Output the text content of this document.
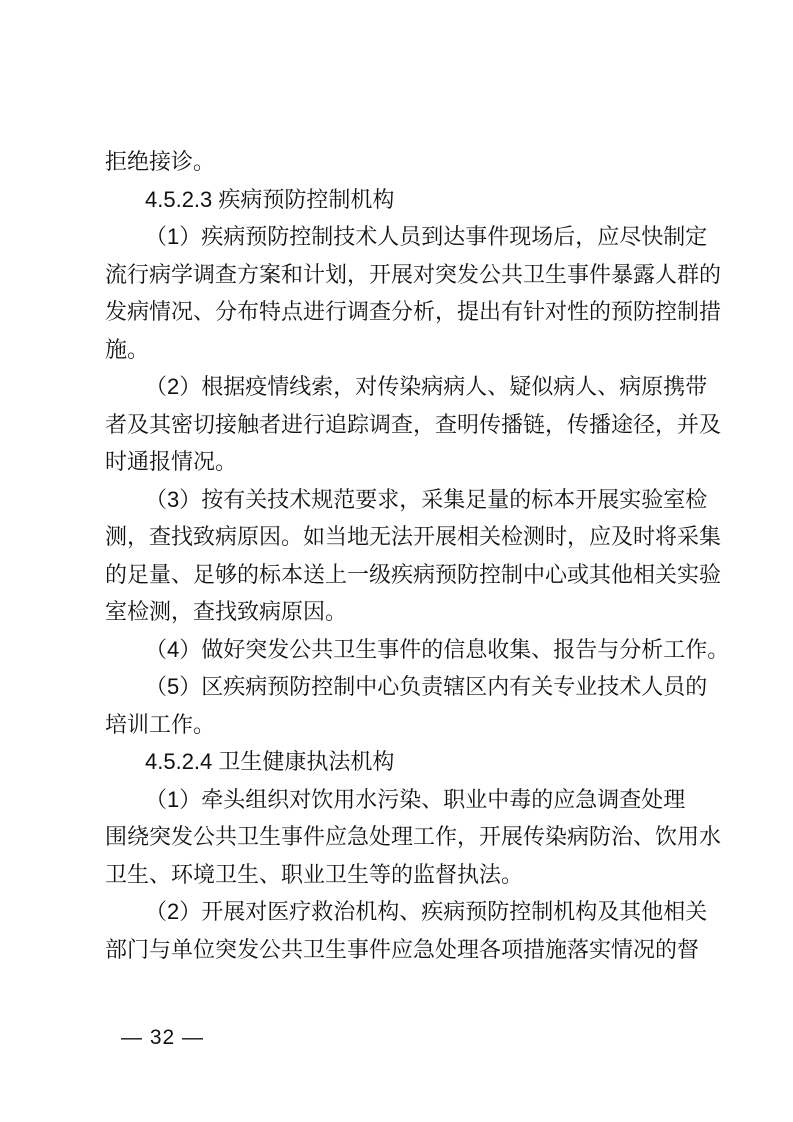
拒绝接诊。
4.5.2.3 疾病预防控制机构
（1）疾病预防控制技术人员到达事件现场后，应尽快制定
流行病学调查方案和计划，开展对突发公共卫生事件暴露人群的
发病情况、分布特点进行调查分析，提出有针对性的预防控制措
施。
（2）根据疫情线索，对传染病病人、疑似病人、病原携带
者及其密切接触者进行追踪调查，查明传播链，传播途径，并及
时通报情况。
（3）按有关技术规范要求，采集足量的标本开展实验室检
测，查找致病原因。如当地无法开展相关检测时，应及时将采集
的足量、足够的标本送上一级疾病预防控制中心或其他相关实验
室检测，查找致病原因。
（4）做好突发公共卫生事件的信息收集、报告与分析工作。
（5）区疾病预防控制中心负责辖区内有关专业技术人员的
培训工作。
4.5.2.4 卫生健康执法机构
（1）牵头组织对饮用水污染、职业中毒的应急调查处理
围绕突发公共卫生事件应急处理工作，开展传染病防治、饮用水
卫生、环境卫生、职业卫生等的监督执法。
（2）开展对医疗救治机构、疾病预防控制机构及其他相关
部门与单位突发公共卫生事件应急处理各项措施落实情况的督
— 32 —
